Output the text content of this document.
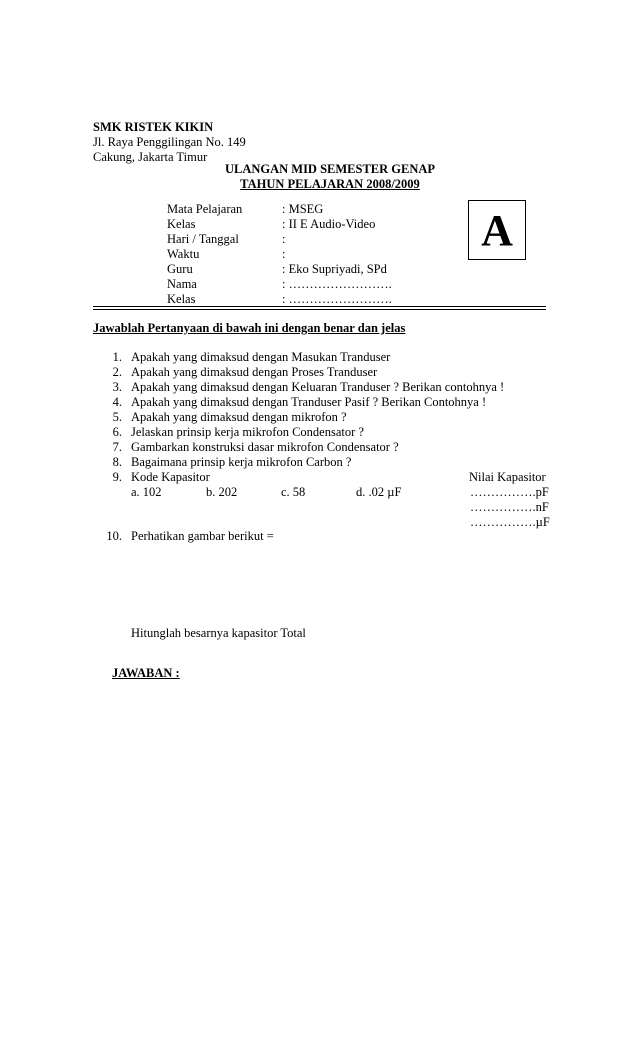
SMK RISTEK KIKIN
Jl. Raya Penggilingan No. 149
Cakung, Jakarta Timur
ULANGAN MID SEMESTER GENAP
TAHUN PELAJARAN 2008/2009
A
Mata Pelajaran	: MSEG
Kelas	: II E Audio-Video
Hari / Tanggal	:
Waktu	:
Guru	: Eko Supriyadi, SPd
Nama	: …………………….
Kelas	: …………………….
Jawablah Pertanyaan di bawah ini dengan benar dan jelas
1. Apakah yang dimaksud dengan Masukan Tranduser
2. Apakah yang dimaksud dengan Proses Tranduser
3. Apakah yang dimaksud dengan Keluaran Tranduser ? Berikan contohnya !
4. Apakah yang dimaksud dengan Tranduser Pasif ? Berikan Contohnya !
5. Apakah yang dimaksud dengan mikrofon ?
6. Jelaskan prinsip kerja mikrofon Condensator ?
7. Gambarkan konstruksi dasar mikrofon Condensator ?
8. Bagaimana prinsip kerja mikrofon Carbon ?
9. Kode Kapasitor	Nilai Kapasitor
a. 102	b. 202	c. 58	d. .02 µF	…………….pF
…………….nF
…………….µF
10. Perhatikan gambar berikut =
Hitunglah besarnya kapasitor Total
JAWABAN :
